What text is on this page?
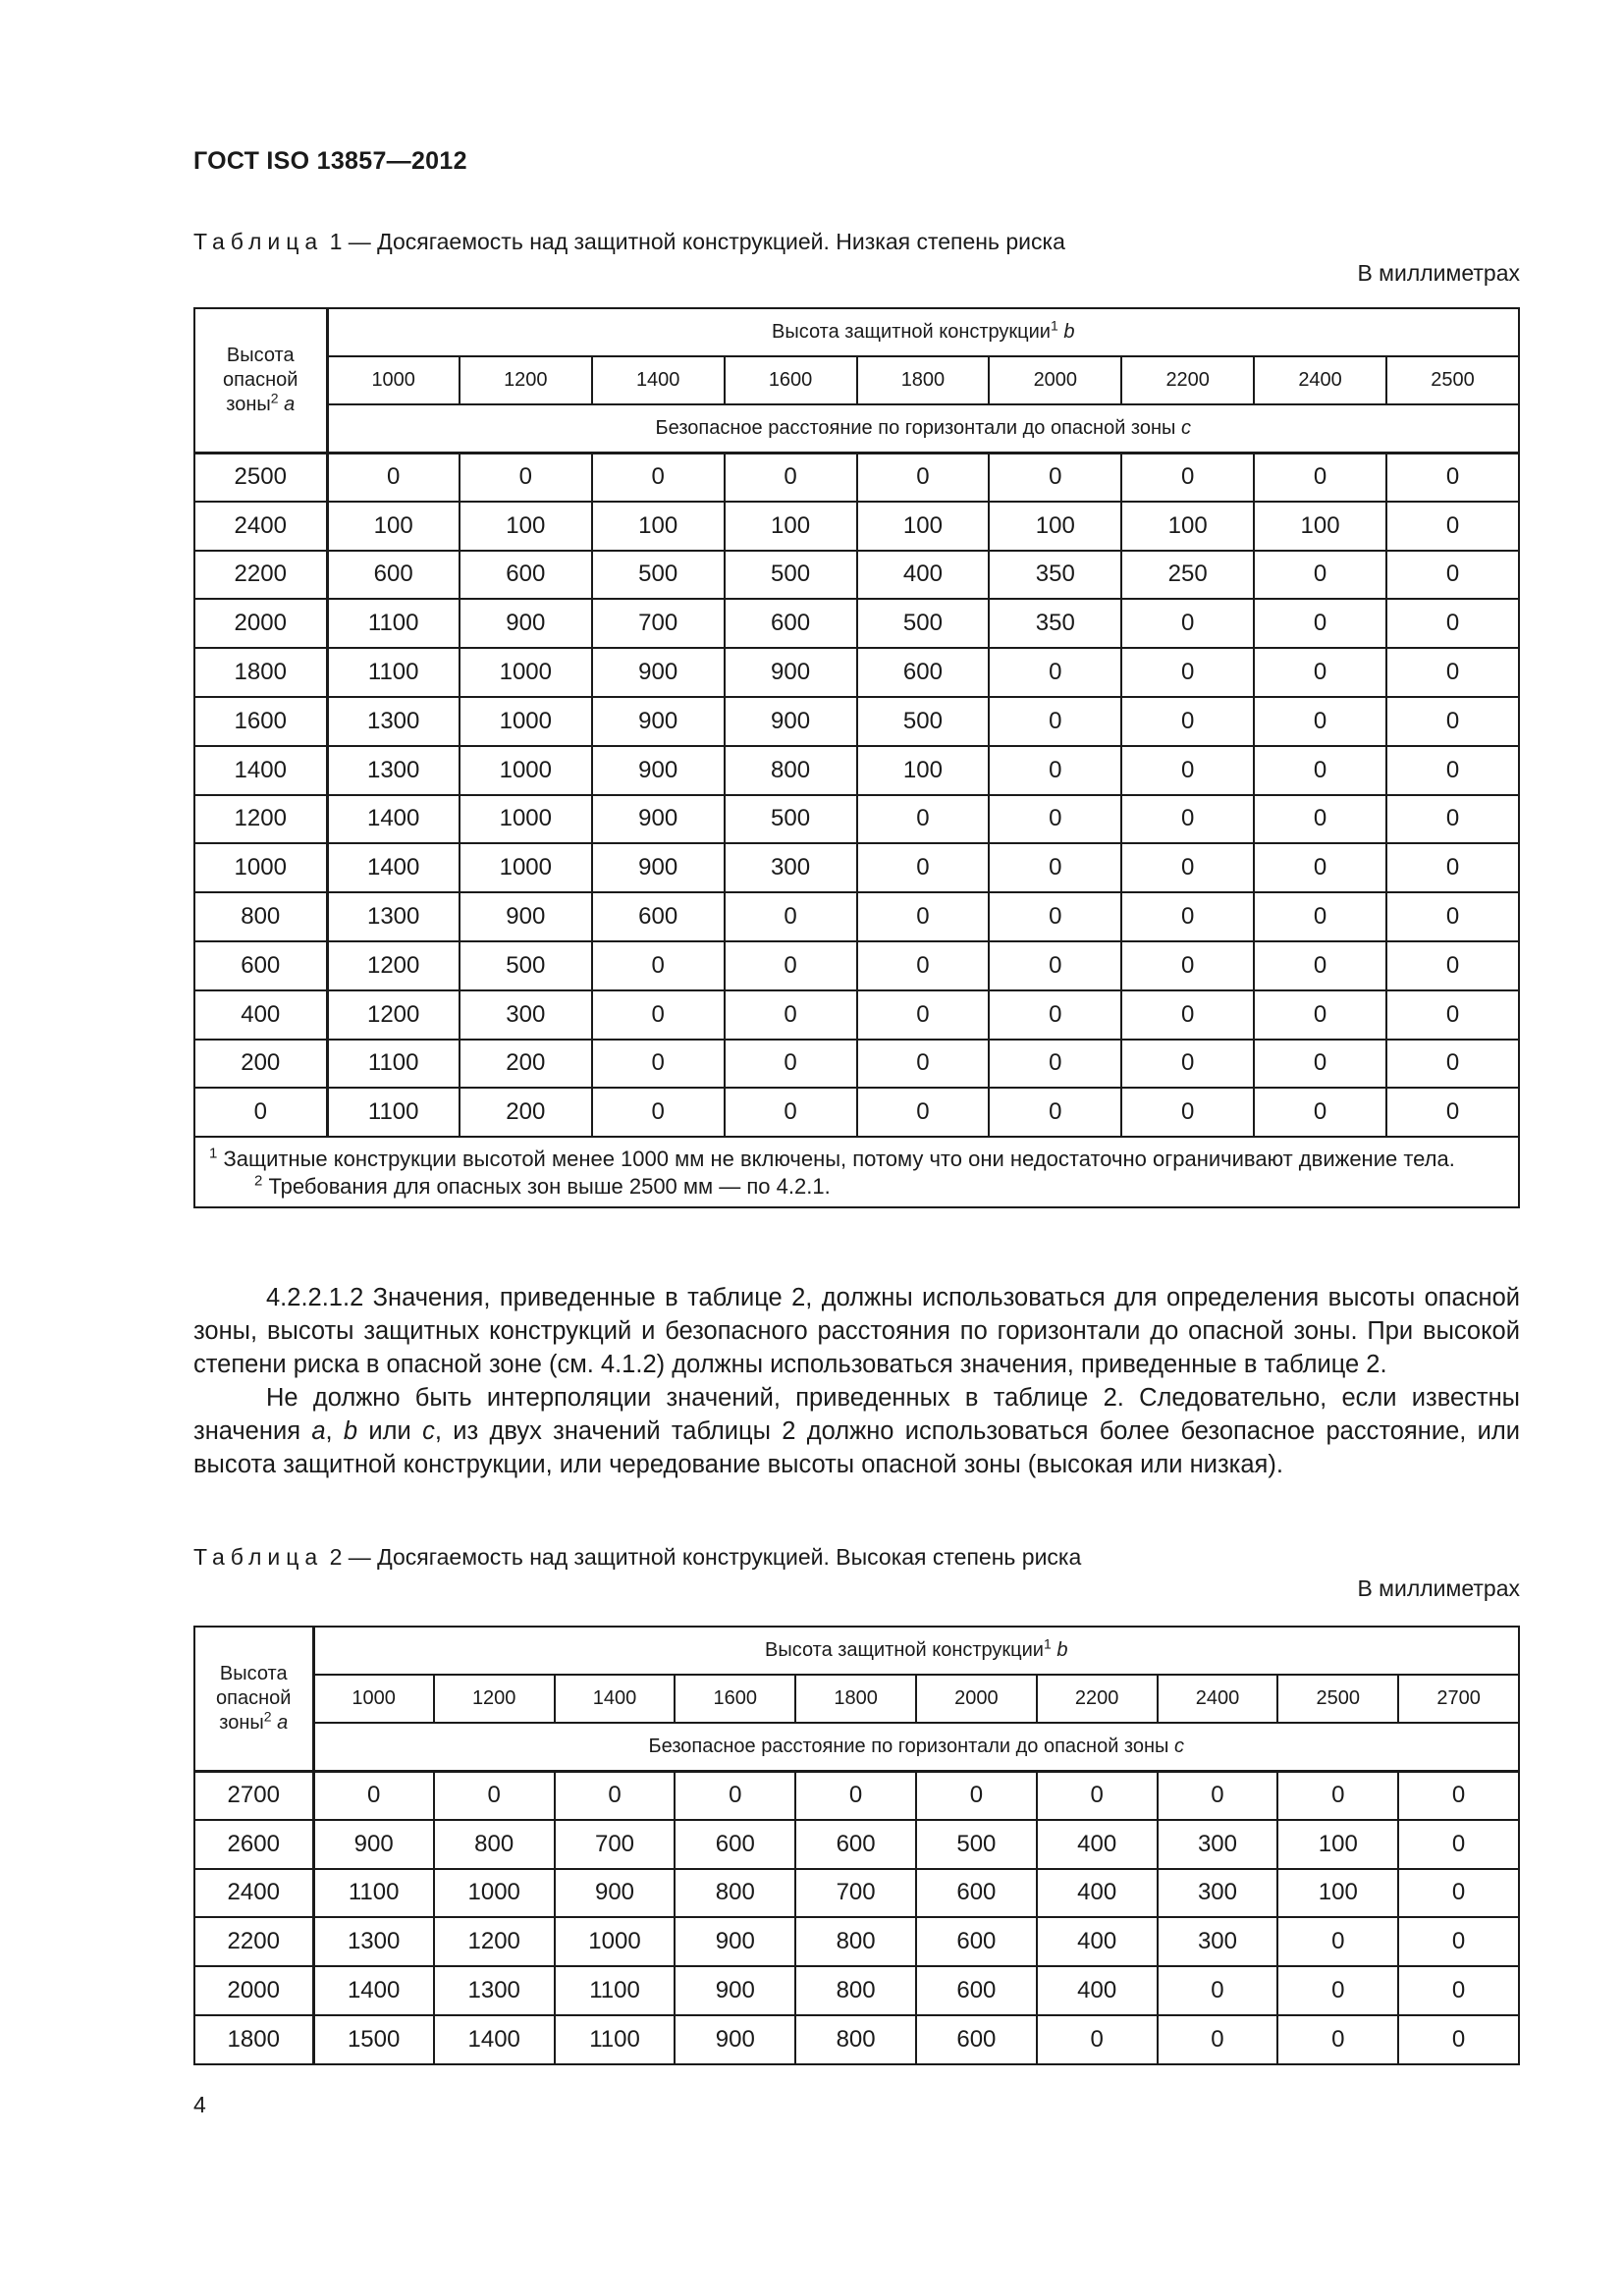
ГОСТ ISO 13857—2012
Таблица 1 — Досягаемость над защитной конструкцией. Низкая степень риска
В миллиметрах
Высота
опасной
зоны$^2$ a	Высота защитной конструкции$^1$ b								
	1000	1200	1400	1600	1800	2000	2200	2400	2500
	Безопасное расстояние по горизонтали до опасной зоны c								
2500	0	0	0	0	0	0	0	0	0
2400	100	100	100	100	100	100	100	100	0
2200	600	600	500	500	400	350	250	0	0
2000	1100	900	700	600	500	350	0	0	0
1800	1100	1000	900	900	600	0	0	0	0
1600	1300	1000	900	900	500	0	0	0	0
1400	1300	1000	900	800	100	0	0	0	0
1200	1400	1000	900	500	0	0	0	0	0
1000	1400	1000	900	300	0	0	0	0	0
800	1300	900	600	0	0	0	0	0	0
600	1200	500	0	0	0	0	0	0	0
400	1200	300	0	0	0	0	0	0	0
200	1100	200	0	0	0	0	0	0	0
0	1100	200	0	0	0	0	0	0	0

$^1$ Защитные конструкции высотой менее 1000 мм не включены, потому что они недостаточно ограничивают движение тела.
$^2$ Требования для опасных зон выше 2500 мм — по 4.2.1.									

4.2.2.1.2 Значения, приведенные в таблице 2, должны использоваться для определения высоты опасной зоны, высоты защитных конструкций и безопасного расстояния по горизонтали до опасной зоны. При высокой степени риска в опасной зоне (см. 4.1.2) должны использоваться значения, приведенные в таблице 2.

Не должно быть интерполяции значений, приведенных в таблице 2. Следовательно, если известны значения a, b или c, из двух значений таблицы 2 должно использоваться более безопасное расстояние, или высота защитной конструкции, или чередование высоты опасной зоны (высокая или низкая).

Таблица 2 — Досягаемость над защитной конструкцией. Высокая степень риска
В миллиметрах
Высота
опасной
зоны$^2$ a	Высота защитной конструкции$^1$ b									
	1000	1200	1400	1600	1800	2000	2200	2400	2500	2700
	Безопасное расстояние по горизонтали до опасной зоны c									
2700	0	0	0	0	0	0	0	0	0	0
2600	900	800	700	600	600	500	400	300	100	0
2400	1100	1000	900	800	700	600	400	300	100	0
2200	1300	1200	1000	900	800	600	400	300	0	0
2000	1400	1300	1100	900	800	600	400	0	0	0
1800	1500	1400	1100	900	800	600	0	0	0	0
4
